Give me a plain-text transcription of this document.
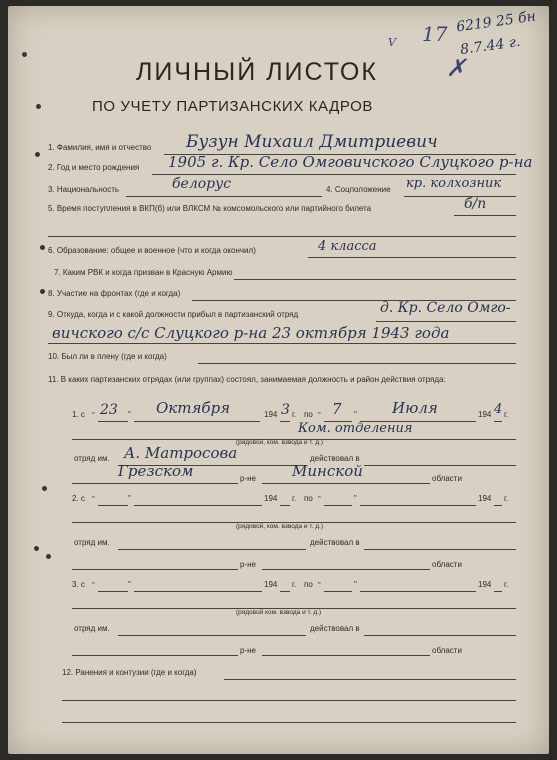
17
V
6219 25 бн
8.7.44 г.
✗
ЛИЧНЫЙ ЛИСТОК
ПО УЧЕТУ ПАРТИЗАНСКИХ КАДРОВ
1. Фамилия, имя и отчество Бузун Михаил Дмитриевич
2. Год и место рождения 1905 г. Кр. Село Омговичского Слуцкого р-на
3. Национальность	белорус	4. Соцположение кр. колхозник
5. Время поступления в ВКП(б) или ВЛКСМ № комсомольского или партийного билета	б/п
6. Образование: общее и военное (что и когда окончил)	4 класса
7. Каким РВК и когда призван в Красную Армию
8. Участие на фронтах (где и когда)
9. Откуда, когда и с какой должности прибыл в партизанский отряд	д. Кр. Село Омго-
вичского с/с Слуцкого р-на 23 октября 1943 года
10. Был ли в плену (где и когда)
11. В каких партизанских отрядах (или группах) состоял, занимаемая должность и район действия отряда:
1. с „ 23 " Октября	194 3 г. по „ 7 " Июля	194 4 г.
Ком. отделения
(рядовой, ком. взвода и т. д.)
отряд им. А. Матросова	действовал в
Грезском	р-не Минской	области
2. с „	"	194 г. по „	"	194 г.
(рядовой, ком. взвода и т. д.)
отряд им.	действовал в
р-не	области
3. с „	"	194 г. по „	"	194 г.
(рядовой ком. взвода и т. д.)
отряд им.	действовал в
р-не	области
12. Ранения и контузии (где и когда)
